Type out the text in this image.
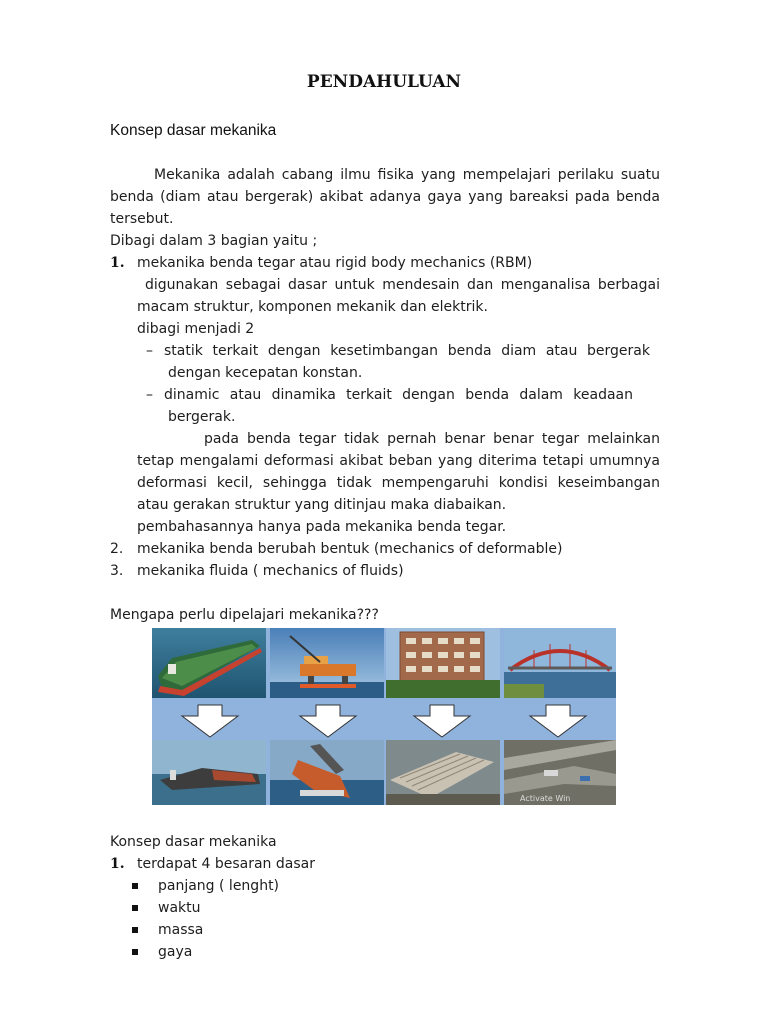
PENDAHULUAN
Konsep dasar mekanika
Mekanika adalah cabang ilmu fisika yang mempelajari perilaku suatu
benda (diam atau bergerak) akibat adanya gaya yang bareaksi pada benda
tersebut.
Dibagi dalam 3 bagian yaitu ;
1. mekanika benda tegar atau rigid body mechanics (RBM)
digunakan sebagai dasar untuk mendesain dan menganalisa berbagai
macam struktur, komponen mekanik dan elektrik.
dibagi menjadi 2
– statik terkait dengan kesetimbangan benda diam atau bergerak
dengan kecepatan konstan.
– dinamic atau dinamika terkait dengan benda dalam keadaan
bergerak.
pada benda tegar tidak pernah benar benar tegar melainkan
tetap mengalami deformasi akibat beban yang diterima tetapi umumnya
deformasi kecil, sehingga tidak mempengaruhi kondisi keseimbangan
atau gerakan struktur yang ditinjau maka diabaikan.
pembahasannya hanya pada mekanika benda tegar.
2. mekanika benda berubah bentuk (mechanics of deformable)
3. mekanika fluida ( mechanics of fluids)
Mengapa perlu dipelajari mekanika???
Activate Win
Konsep dasar mekanika
1. terdapat 4 besaran dasar
panjang ( lenght)
waktu
massa
gaya
